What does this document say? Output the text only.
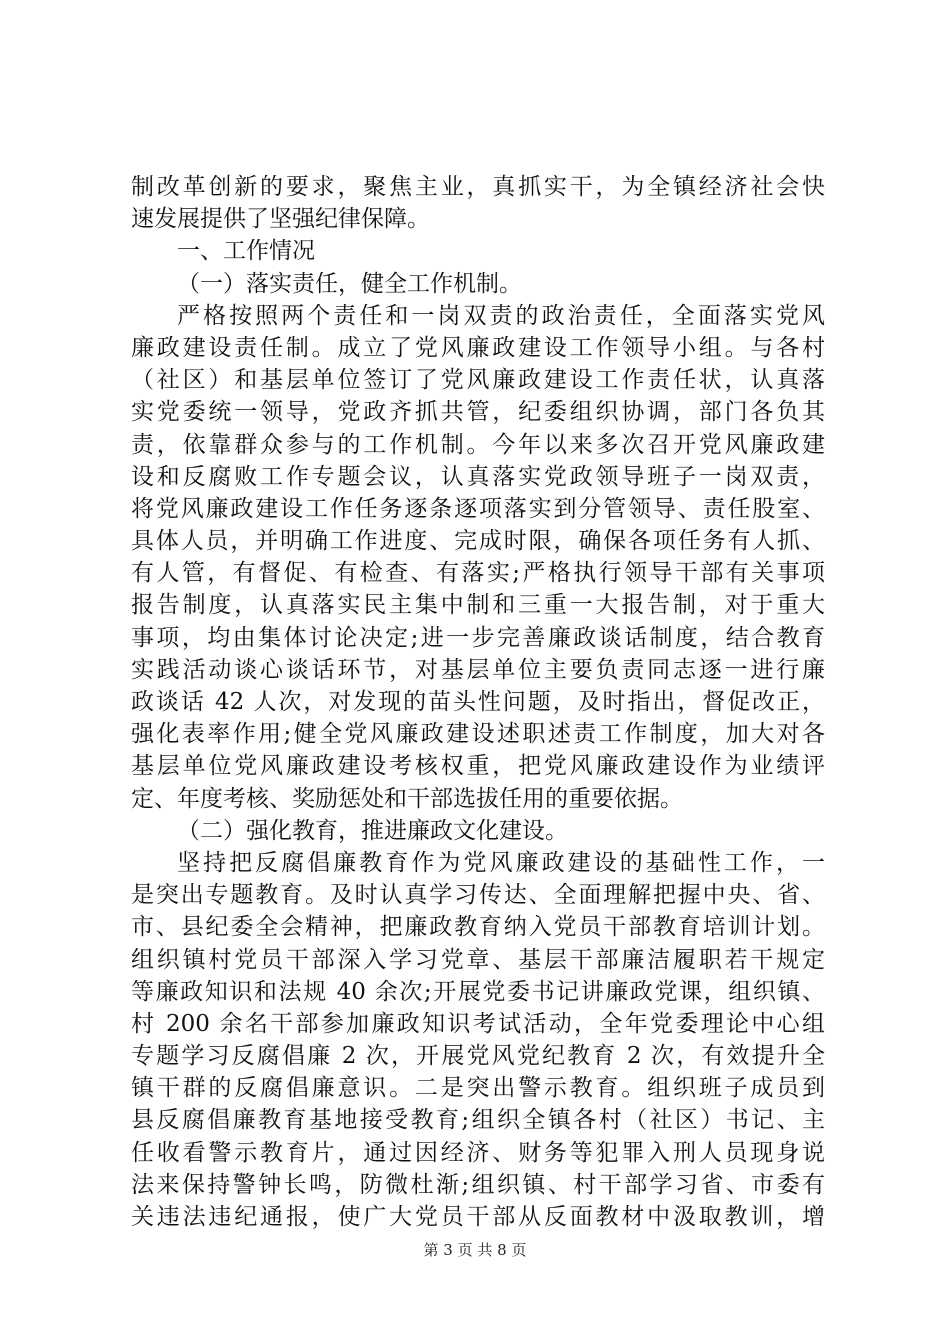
制改革创新的要求，聚焦主业，真抓实干，为全镇经济社会快
速发展提供了坚强纪律保障。
一、工作情况
（一）落实责任，健全工作机制。
严格按照两个责任和一岗双责的政治责任，全面落实党风
廉政建设责任制。成立了党风廉政建设工作领导小组。与各村
（社区）和基层单位签订了党风廉政建设工作责任状，认真落
实党委统一领导，党政齐抓共管，纪委组织协调，部门各负其
责，依靠群众参与的工作机制。今年以来多次召开党风廉政建
设和反腐败工作专题会议，认真落实党政领导班子一岗双责，
将党风廉政建设工作任务逐条逐项落实到分管领导、责任股室、
具体人员，并明确工作进度、完成时限，确保各项任务有人抓、
有人管，有督促、有检查、有落实;严格执行领导干部有关事项
报告制度，认真落实民主集中制和三重一大报告制，对于重大
事项，均由集体讨论决定;进一步完善廉政谈话制度，结合教育
实践活动谈心谈话环节，对基层单位主要负责同志逐一进行廉
政谈话 42 人次，对发现的苗头性问题，及时指出，督促改正，
强化表率作用;健全党风廉政建设述职述责工作制度，加大对各
基层单位党风廉政建设考核权重，把党风廉政建设作为业绩评
定、年度考核、奖励惩处和干部选拔任用的重要依据。
（二）强化教育，推进廉政文化建设。
坚持把反腐倡廉教育作为党风廉政建设的基础性工作，一
是突出专题教育。及时认真学习传达、全面理解把握中央、省、
市、县纪委全会精神，把廉政教育纳入党员干部教育培训计划。
组织镇村党员干部深入学习党章、基层干部廉洁履职若干规定
等廉政知识和法规 40 余次;开展党委书记讲廉政党课，组织镇、
村 200 余名干部参加廉政知识考试活动，全年党委理论中心组
专题学习反腐倡廉 2 次，开展党风党纪教育 2 次，有效提升全
镇干群的反腐倡廉意识。二是突出警示教育。组织班子成员到
县反腐倡廉教育基地接受教育;组织全镇各村（社区）书记、主
任收看警示教育片，通过因经济、财务等犯罪入刑人员现身说
法来保持警钟长鸣，防微杜渐;组织镇、村干部学习省、市委有
关违法违纪通报，使广大党员干部从反面教材中汲取教训，增
第 3 页 共 8 页
